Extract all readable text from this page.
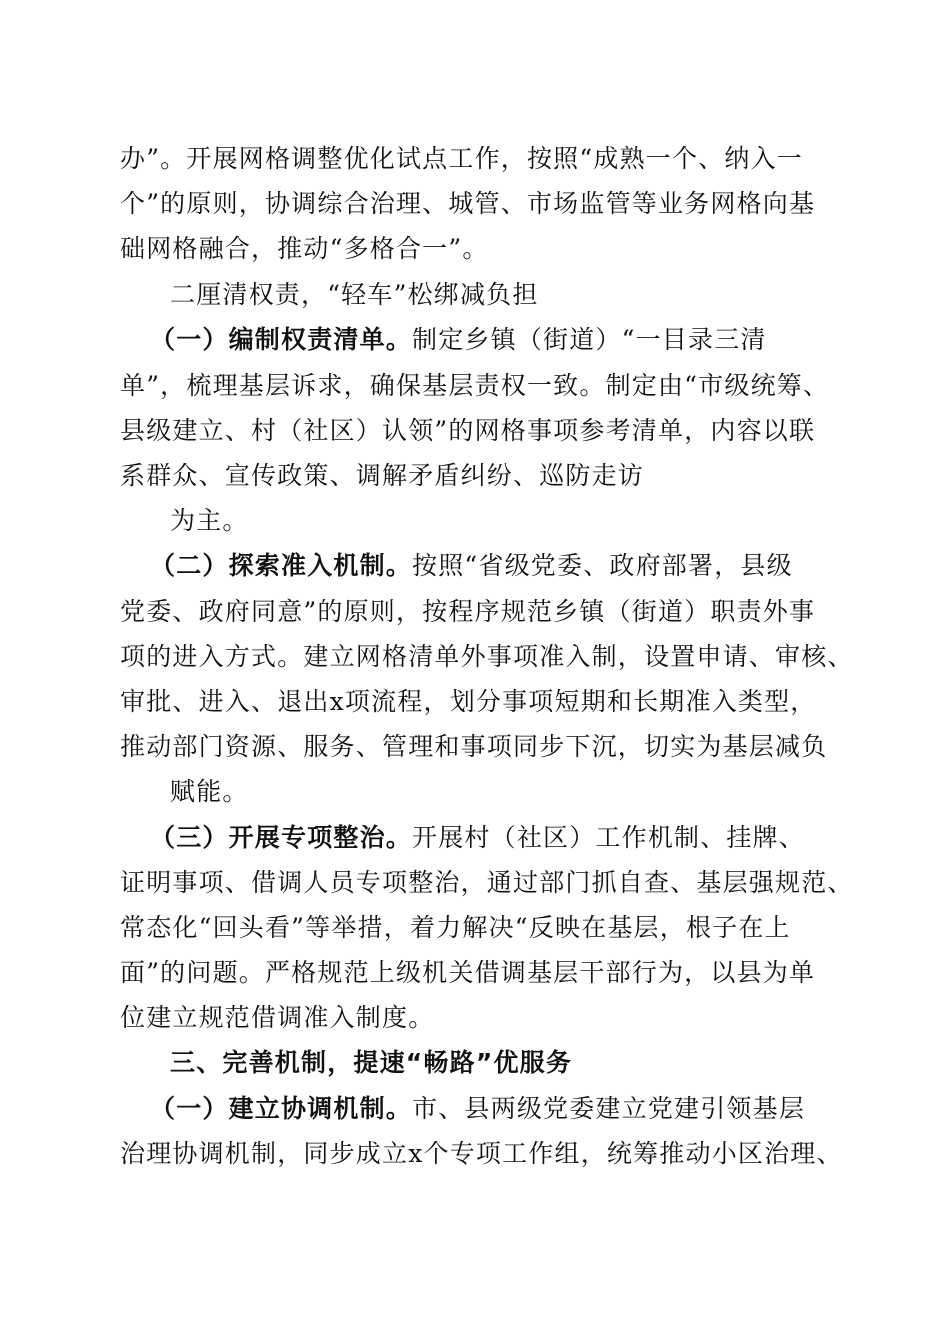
办”。开展网格调整优化试点工作，按照“成熟一个、纳入一
个”的原则，协调综合治理、城管、市场监管等业务网格向基
础网格融合，推动“多格合一”。
二厘清权责，“轻车”松绑减负担
（一）编制权责清单。制定乡镇（街道）“一目录三清
单”，梳理基层诉求，确保基层责权一致。制定由“市级统筹、
县级建立、村（社区）认领”的网格事项参考清单，内容以联
系群众、宣传政策、调解矛盾纠纷、巡防走访
为主。
（二）探索准入机制。按照“省级党委、政府部署，县级
党委、政府同意”的原则，按程序规范乡镇（街道）职责外事
项的进入方式。建立网格清单外事项准入制，设置申请、审核、
审批、进入、退出x项流程，划分事项短期和长期准入类型，
推动部门资源、服务、管理和事项同步下沉，切实为基层减负
赋能。
（三）开展专项整治。开展村（社区）工作机制、挂牌、
证明事项、借调人员专项整治，通过部门抓自查、基层强规范、
常态化“回头看”等举措，着力解决“反映在基层，根子在上
面”的问题。严格规范上级机关借调基层干部行为，以县为单
位建立规范借调准入制度。
三、完善机制，提速“畅路”优服务
（一）建立协调机制。市、县两级党委建立党建引领基层
治理协调机制，同步成立x个专项工作组，统筹推动小区治理、
